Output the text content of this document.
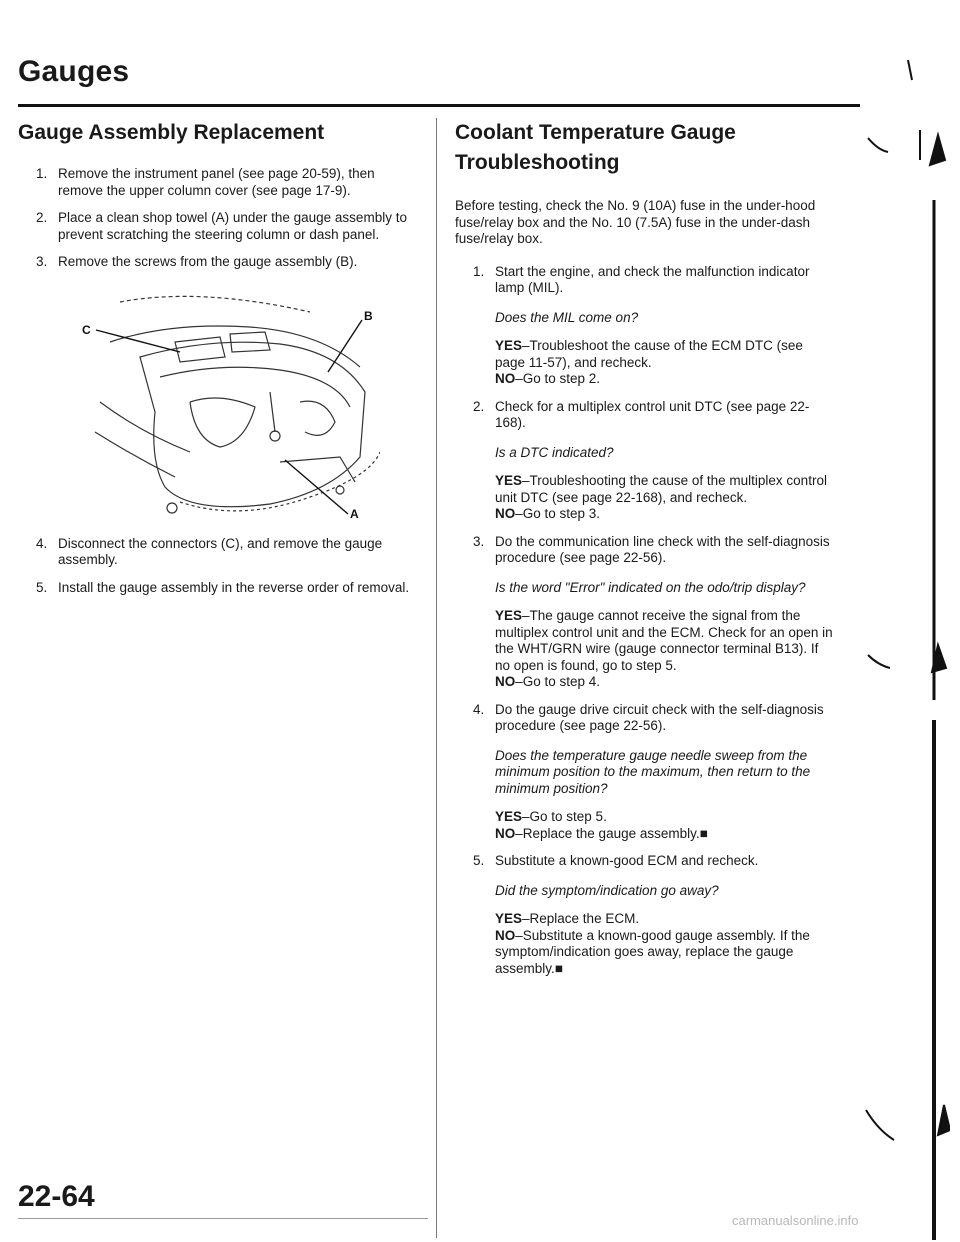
Gauges
Gauge Assembly Replacement
1. Remove the instrument panel (see page 20-59), then remove the upper column cover (see page 17-9).
2. Place a clean shop towel (A) under the gauge assembly to prevent scratching the steering column or dash panel.
3. Remove the screws from the gauge assembly (B).
C
B
A
4. Disconnect the connectors (C), and remove the gauge assembly.
5. Install the gauge assembly in the reverse order of removal.
Coolant Temperature Gauge
Troubleshooting

Before testing, check the No. 9 (10A) fuse in the under-hood fuse/relay box and the No. 10 (7.5A) fuse in the under-dash fuse/relay box.

1. Start the engine, and check the malfunction indicator lamp (MIL).
Does the MIL come on?

YES–Troubleshoot the cause of the ECM DTC (see page 11-57), and recheck.

NO–Go to step 2.

2. Check for a multiplex control unit DTC (see page 22-168).
Is a DTC indicated?

YES–Troubleshooting the cause of the multiplex control unit DTC (see page 22-168), and recheck.

NO–Go to step 3.

3. Do the communication line check with the self-diagnosis procedure (see page 22-56).
Is the word "Error" indicated on the odo/trip display?

YES–The gauge cannot receive the signal from the multiplex control unit and the ECM. Check for an open in the WHT/GRN wire (gauge connector terminal B13). If no open is found, go to step 5.

NO–Go to step 4.

4. Do the gauge drive circuit check with the self-diagnosis procedure (see page 22-56).
Does the temperature gauge needle sweep from the minimum position to the maximum, then return to the minimum position?

YES–Go to step 5.

NO–Replace the gauge assembly.■

5. Substitute a known-good ECM and recheck.
Did the symptom/indication go away?

YES–Replace the ECM.

NO–Substitute a known-good gauge assembly. If the symptom/indication goes away, replace the gauge assembly.■

22-64
carmanualsonline.info
